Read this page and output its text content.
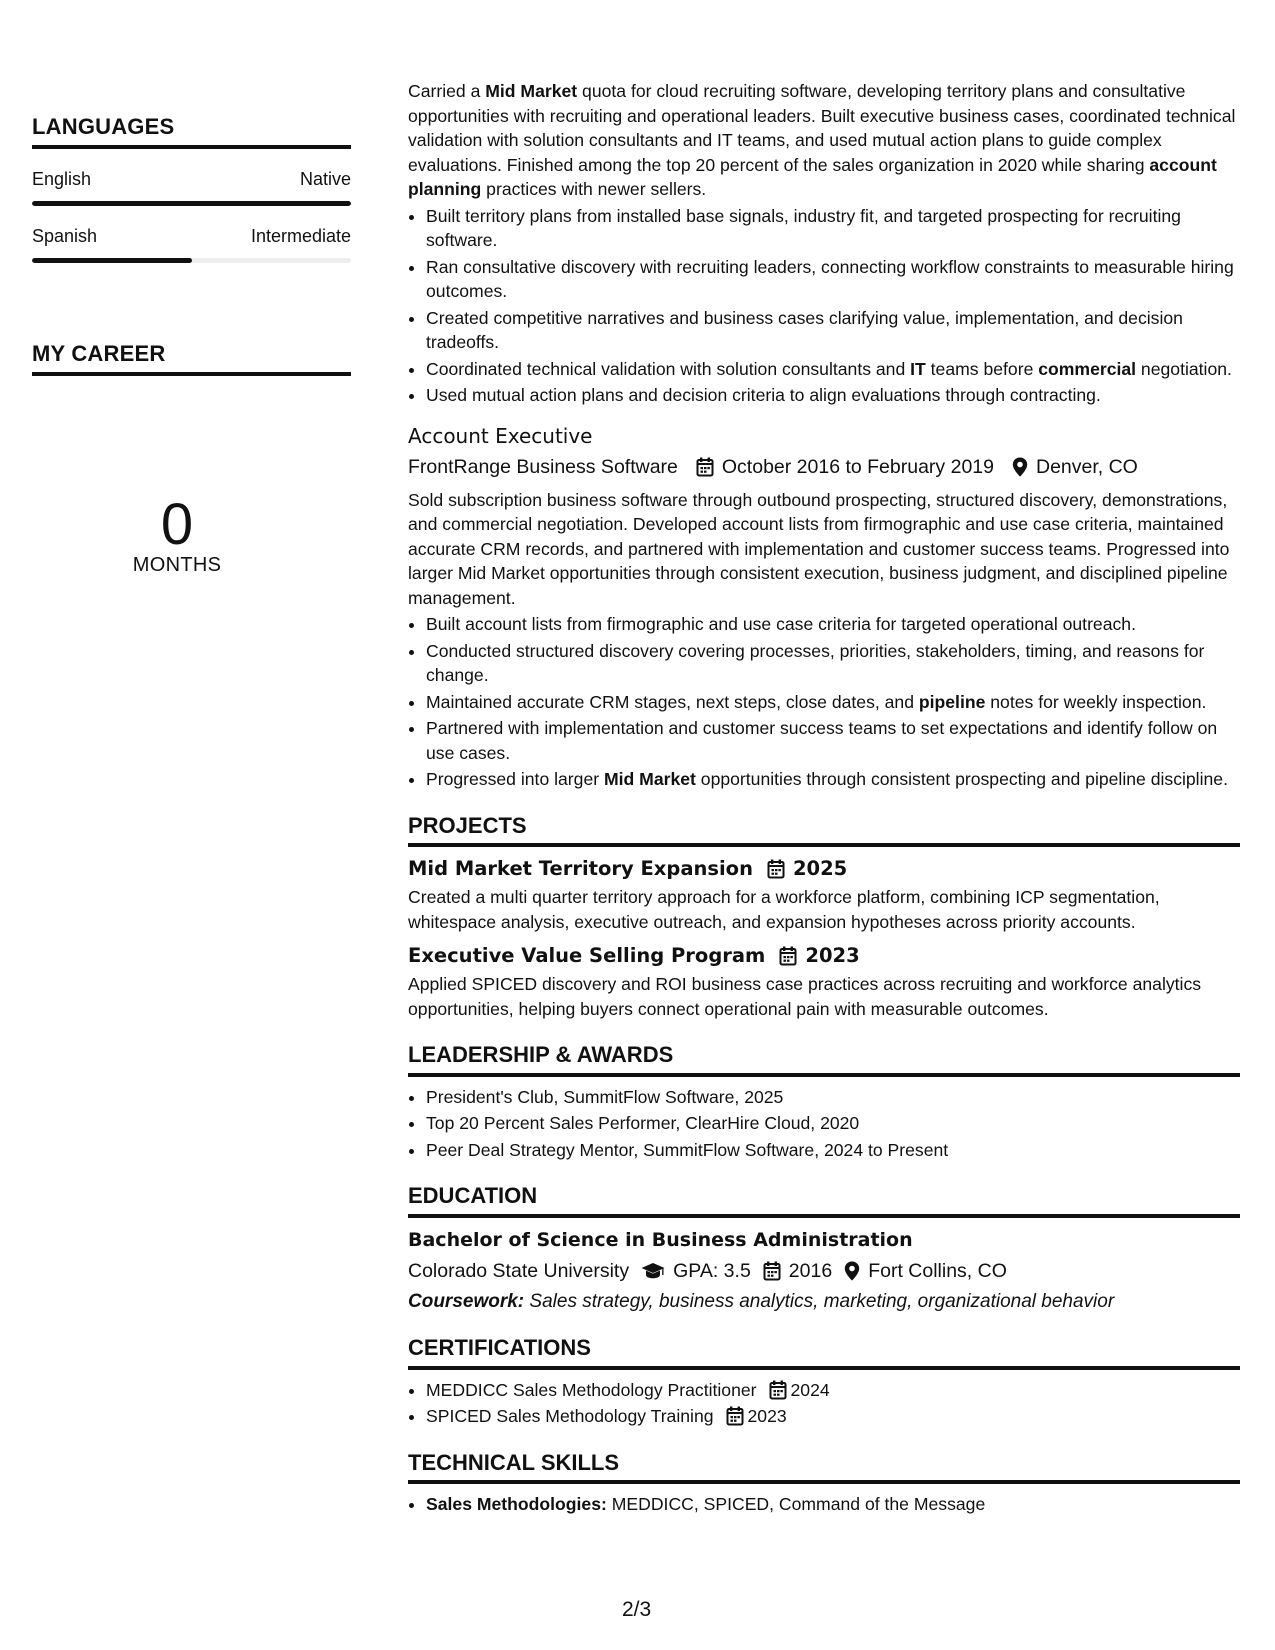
LANGUAGES
English	Native
Spanish	Intermediate
MY CAREER
0
MONTHS

Carried a Mid Market quota for cloud recruiting software, developing territory plans and consultative opportunities with recruiting and operational leaders. Built executive business cases, coordinated technical validation with solution consultants and IT teams, and used mutual action plans to guide complex evaluations. Finished among the top 20 percent of the sales organization in 2020 while sharing account planning practices with newer sellers.

• Built territory plans from installed base signals, industry fit, and targeted prospecting for recruiting software.
• Ran consultative discovery with recruiting leaders, connecting workflow constraints to measurable hiring outcomes.
• Created competitive narratives and business cases clarifying value, implementation, and decision tradeoffs.
• Coordinated technical validation with solution consultants and IT teams before commercial negotiation.
• Used mutual action plans and decision criteria to align evaluations through contracting.
Account Executive
FrontRange Business Software October 2016 to February 2019 Denver, CO

Sold subscription business software through outbound prospecting, structured discovery, demonstrations, and commercial negotiation. Developed account lists from firmographic and use case criteria, maintained accurate CRM records, and partnered with implementation and customer success teams. Progressed into larger Mid Market opportunities through consistent execution, business judgment, and disciplined pipeline management.

• Built account lists from firmographic and use case criteria for targeted operational outreach.
• Conducted structured discovery covering processes, priorities, stakeholders, timing, and reasons for change.
• Maintained accurate CRM stages, next steps, close dates, and pipeline notes for weekly inspection.
• Partnered with implementation and customer success teams to set expectations and identify follow on use cases.
• Progressed into larger Mid Market opportunities through consistent prospecting and pipeline discipline.
PROJECTS
Mid Market Territory Expansion 2025

Created a multi quarter territory approach for a workforce platform, combining ICP segmentation, whitespace analysis, executive outreach, and expansion hypotheses across priority accounts.

Executive Value Selling Program 2023

Applied SPICED discovery and ROI business case practices across recruiting and workforce analytics opportunities, helping buyers connect operational pain with measurable outcomes.

LEADERSHIP & AWARDS
• President's Club, SummitFlow Software, 2025
• Top 20 Percent Sales Performer, ClearHire Cloud, 2020
• Peer Deal Strategy Mentor, SummitFlow Software, 2024 to Present
EDUCATION
Bachelor of Science in Business Administration
Colorado State University GPA: 3.5 2016 Fort Collins, CO
Coursework: Sales strategy, business analytics, marketing, organizational behavior
CERTIFICATIONS
• MEDDICC Sales Methodology Practitioner 2024
• SPICED Sales Methodology Training 2023
TECHNICAL SKILLS
• Sales Methodologies: MEDDICC, SPICED, Command of the Message
2/3
